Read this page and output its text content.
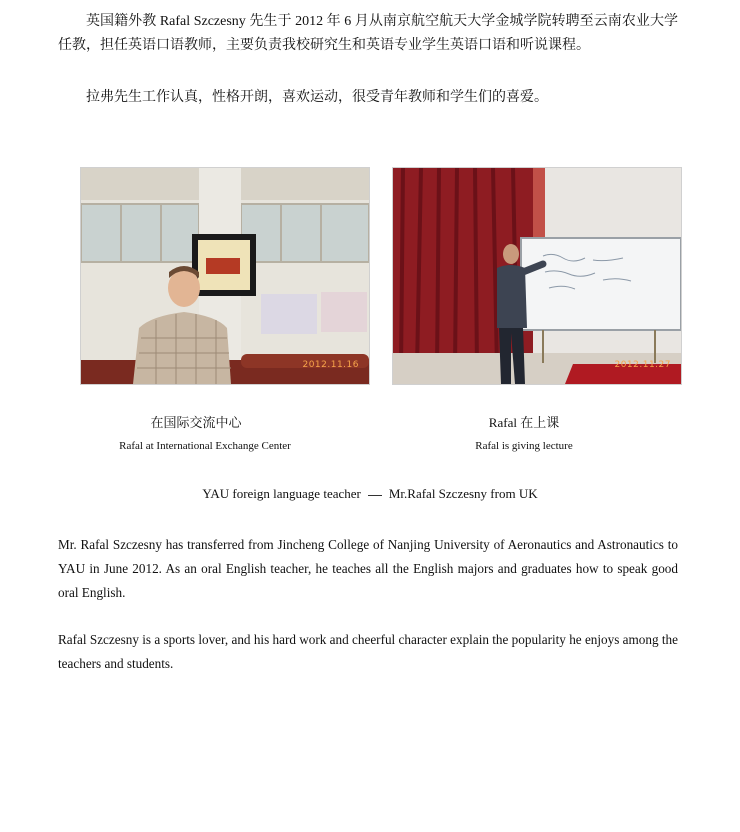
英国籍外教 Rafal Szczesny 先生于 2012 年 6 月从南京航空航天大学金城学院转聘至云南农业大学任教，担任英语口语教师，主要负责我校研究生和英语专业学生英语口语和听说课程。

拉弗先生工作认真，性格开朗，喜欢运动，很受青年教师和学生们的喜爱。

2012.11.16	2012.11.27
在国际交流中心
Rafal at International Exchange Center
Rafal 在上课
Rafal is giving lecture
YAU foreign language teacher Mr.Rafal Szczesny from UK

Mr. Rafal Szczesny has transferred from Jincheng College of Nanjing University of Aeronautics and Astronautics to YAU in June 2012. As an oral English teacher, he teaches all the English majors and graduates how to speak good oral English.

Rafal Szczesny is a sports lover, and his hard work and cheerful character explain the popularity he enjoys among the teachers and students.
